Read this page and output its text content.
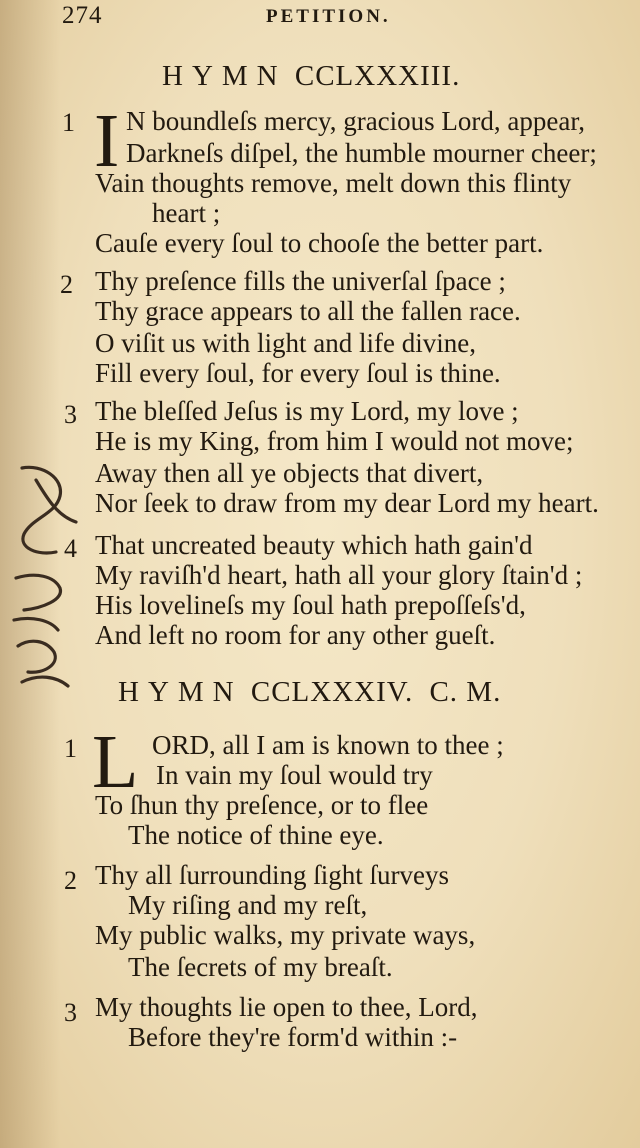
274	PETITION.
HYMN CCLXXXIII.
1 I N boundleſs mercy, gracious Lord, appear,
Darkneſs diſpel, the humble mourner cheer;
Vain thoughts remove, melt down this flinty
heart ;
Cauſe every ſoul to chooſe the better part.
2 Thy preſence fills the univerſal ſpace ;
Thy grace appears to all the fallen race.
O viſit us with light and life divine,
Fill every ſoul, for every ſoul is thine.
3 The bleſſed Jeſus is my Lord, my love ;
He is my King, from him I would not move;
Away then all ye objects that divert,
Nor ſeek to draw from my dear Lord my heart.
4 That uncreated beauty which hath gain'd
My raviſh'd heart, hath all your glory ſtain'd ;
His lovelineſs my ſoul hath prepoſſeſs'd,
And left no room for any other gueſt.
HYMN CCLXXXIV. C. M.
1 L ORD, all I am is known to thee ;
In vain my ſoul would try
To ſhun thy preſence, or to flee
The notice of thine eye.
2 Thy all ſurrounding ſight ſurveys
My riſing and my reſt,
My public walks, my private ways,
The ſecrets of my breaſt.
3 My thoughts lie open to thee, Lord,
Before they're form'd within :-
